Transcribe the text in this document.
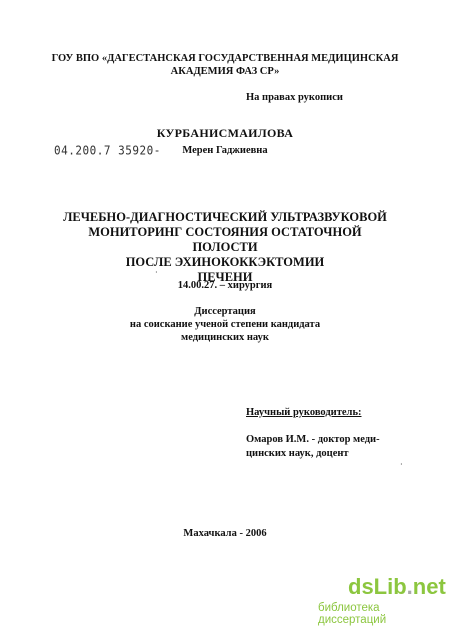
ГОУ ВПО «ДАГЕСТАНСКАЯ ГОСУДАРСТВЕННАЯ МЕДИЦИНСКАЯ
АКАДЕМИЯ ФАЗ СР»
На правах рукописи
КУРБАНИСМАИЛОВА
04.200.7 35920-	Мерен Гаджиевна
ЛЕЧЕБНО-ДИАГНОСТИЧЕСКИЙ УЛЬТРАЗВУКОВОЙ
МОНИТОРИНГ СОСТОЯНИЯ ОСТАТОЧНОЙ ПОЛОСТИ
ПОСЛЕ ЭХИНОКОККЭКТОМИИ
ПЕЧЕНИ
·
14.00.27. – хирургия
Диссертация
на соискание ученой степени кандидата
медицинских наук
Научный руководитель:
Омаров И.М. - доктор меди-
цинских наук, доцент
·
Махачкала - 2006
dsLib.net
библиотека диссертаций
